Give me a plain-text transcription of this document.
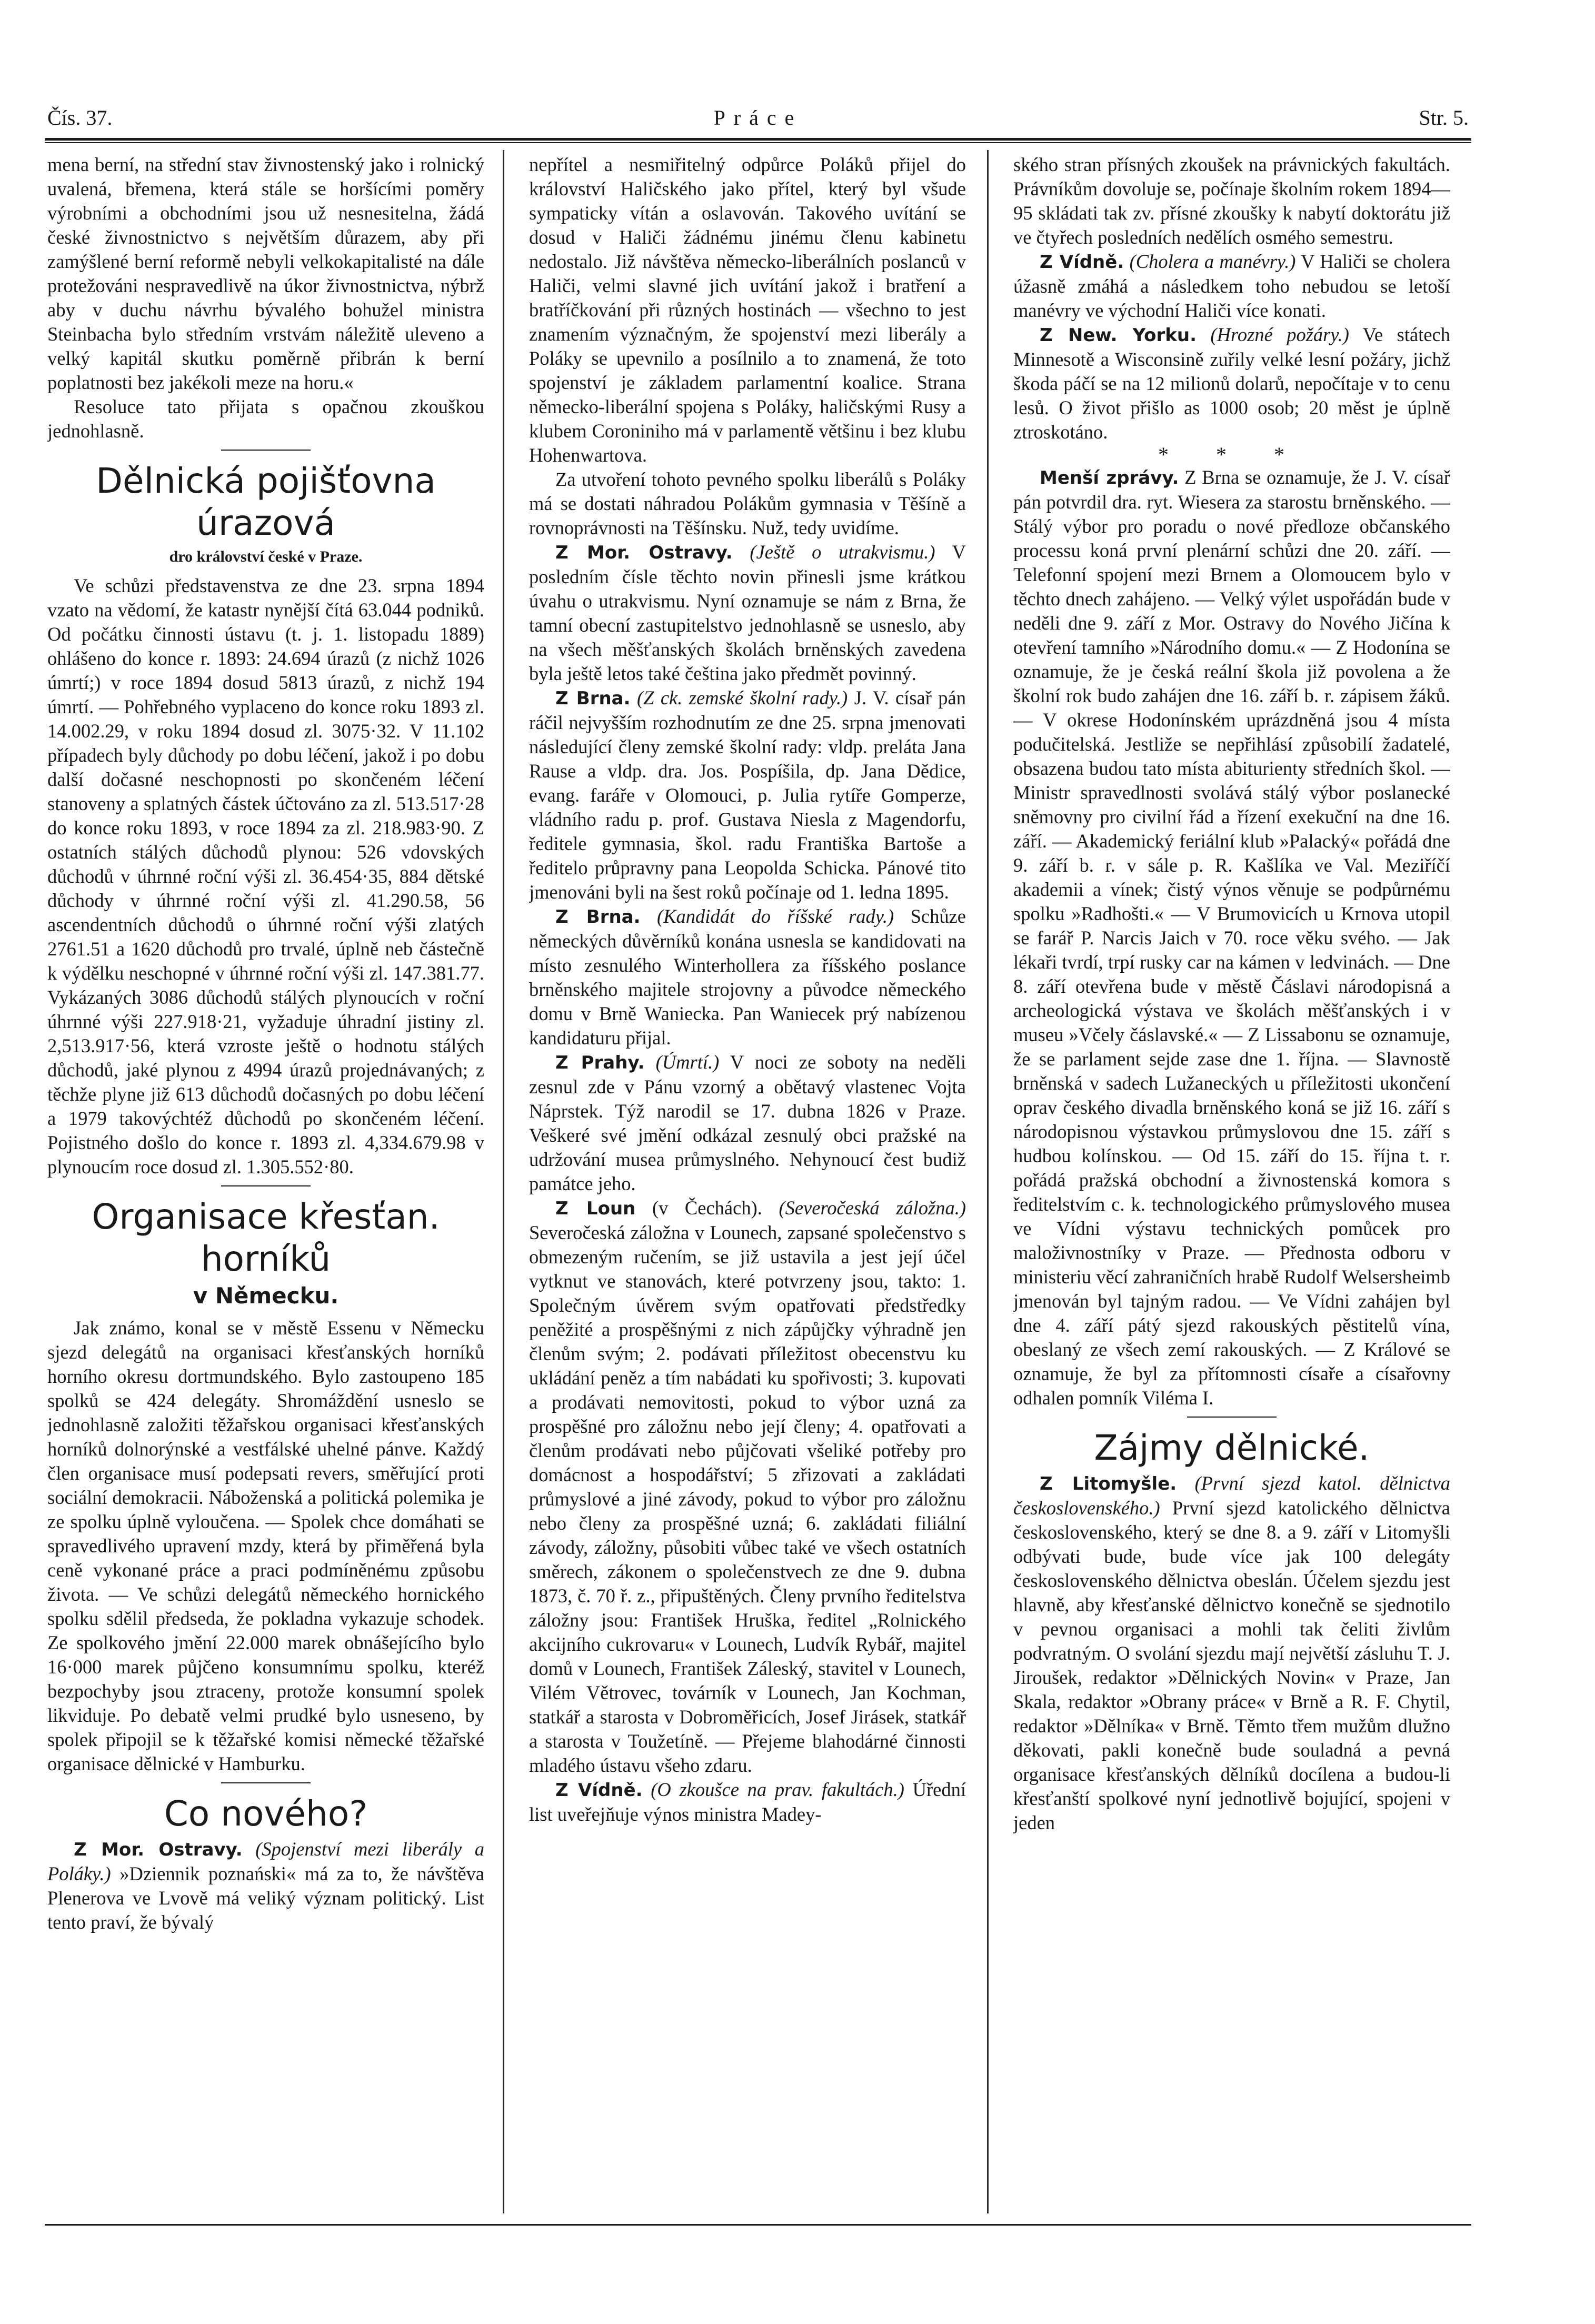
Čís. 37.	Práce	Str. 5.

mena berní, na střední stav živnostenský jako i rolnický uvalená, břemena, která stále se horšícími poměry výrobními a obchodními jsou už nesnesitelna, žádá české živnostnictvo s největším důrazem, aby při zamýšlené berní reformě nebyli velkokapitalisté na dále protežováni nespravedlivě na úkor živnostnictva, nýbrž aby v duchu návrhu bývalého bohužel ministra Steinbacha bylo středním vrstvám náležitě uleveno a velký kapitál skutku poměrně přibrán k berní poplatnosti bez jakékoli meze na horu.«

Resoluce tato přijata s opačnou zkouškou jednohlasně.

Dělnická pojišťovna úrazová
dro království české v Praze.

Ve schůzi představenstva ze dne 23. srpna 1894 vzato na vědomí, že katastr nynější čítá 63.044 podniků. Od počátku činnosti ústavu (t. j. 1. listopadu 1889) ohlášeno do konce r. 1893: 24.694 úrazů (z nichž 1026 úmrtí;) v roce 1894 dosud 5813 úrazů, z nichž 194 úmrtí. — Pohřebného vyplaceno do konce roku 1893 zl. 14.002.29, v roku 1894 dosud zl. 3075·32. V 11.102 případech byly důchody po dobu léčení, jakož i po dobu další dočasné neschopnosti po skončeném léčení stanoveny a splatných částek účtováno za zl. 513.517·28 do konce roku 1893, v roce 1894 za zl. 218.983·90. Z ostatních stálých důchodů plynou: 526 vdovských důchodů v úhrnné roční výši zl. 36.454·35, 884 dětské důchody v úhrnné roční výši zl. 41.290.58, 56 ascendentních důchodů o úhrnné roční výši zlatých 2761.51 a 1620 důchodů pro trvalé, úplně neb částečně k výdělku neschopné v úhrnné roční výši zl. 147.381.77. Vykázaných 3086 důchodů stálých plynoucích v roční úhrnné výši 227.918·21, vyžaduje úhradní jistiny zl. 2,513.917·56, která vzroste ještě o hodnotu stálých důchodů, jaké plynou z 4994 úrazů projednávaných; z těchže plyne již 613 důchodů dočasných po dobu léčení a 1979 takovýchtéž důchodů po skončeném léčení. Pojistného došlo do konce r. 1893 zl. 4,334.679.98 v plynoucím roce dosud zl. 1.305.552·80.

Organisace křesťan. horníků
v Německu.

Jak známo, konal se v městě Essenu v Německu sjezd delegátů na organisaci křesťanských horníků horního okresu dortmundského. Bylo zastoupeno 185 spolků se 424 delegáty. Shromáždění usneslo se jednohlasně založiti těžařskou organisaci křesťanských horníků dolnorýnské a vestfálské uhelné pánve. Každý člen organisace musí podepsati revers, směřující proti sociální demokracii. Náboženská a politická polemika je ze spolku úplně vyloučena. — Spolek chce domáhati se spravedlivého upravení mzdy, která by přiměřená byla ceně vykonané práce a praci podmíněnému způsobu života. — Ve schůzi delegátů německého hornického spolku sdělil předseda, že pokladna vykazuje schodek. Ze spolkového jmění 22.000 marek obnášejícího bylo 16·000 marek půjčeno konsumnímu spolku, kteréž bezpochyby jsou ztraceny, protože konsumní spolek likviduje. Po debatě velmi prudké bylo usneseno, by spolek připojil se k těžařské komisi německé těžařské organisace dělnické v Hamburku.

Co nového?

Z Mor. Ostravy. (Spojenství mezi liberály a Poláky.) »Dziennik poznański« má za to, že návštěva Plenerova ve Lvově má veliký význam politický. List tento praví, že bývalý

nepřítel a nesmiřitelný odpůrce Poláků přijel do království Haličského jako přítel, který byl všude sympaticky vítán a oslavován. Takového uvítání se dosud v Haliči žádnému jinému členu kabinetu nedostalo. Již návštěva německo-liberálních poslanců v Haliči, velmi slavné jich uvítání jakož i bratření a bratříčkování při různých hostinách — všechno to jest znamením význačným, že spojenství mezi liberály a Poláky se upevnilo a posílnilo a to znamená, že toto spojenství je základem parlamentní koalice. Strana německo-liberální spojena s Poláky, haličskými Rusy a klubem Coroniniho má v parlamentě většinu i bez klubu Hohenwartova.

Za utvoření tohoto pevného spolku liberálů s Poláky má se dostati náhradou Polákům gymnasia v Těšíně a rovnoprávnosti na Těšínsku. Nuž, tedy uvidíme.

Z Mor. Ostravy. (Ještě o utrakvismu.) V posledním čísle těchto novin přinesli jsme krátkou úvahu o utrakvismu. Nyní oznamuje se nám z Brna, že tamní obecní zastupitelstvo jednohlasně se usneslo, aby na všech měšťanských školách brněnských zavedena byla ještě letos také čeština jako předmět povinný.

Z Brna. (Z ck. zemské školní rady.) J. V. císař pán ráčil nejvyšším rozhodnutím ze dne 25. srpna jmenovati následující členy zemské školní rady: vldp. preláta Jana Rause a vldp. dra. Jos. Pospíšila, dp. Jana Dědice, evang. faráře v Olomouci, p. Julia rytíře Gomperze, vládního radu p. prof. Gustava Niesla z Magendorfu, ředitele gymnasia, škol. radu Františka Bartoše a ředitelo průpravny pana Leopolda Schicka. Pánové tito jmenováni byli na šest roků počínaje od 1. ledna 1895.

Z Brna. (Kandidát do říšské rady.) Schůze německých důvěrníků konána usnesla se kandidovati na místo zesnulého Winterhollera za říšského poslance brněnského majitele strojovny a původce německého domu v Brně Waniecka. Pan Waniecek prý nabízenou kandidaturu přijal.

Z Prahy. (Úmrtí.) V noci ze soboty na neděli zesnul zde v Pánu vzorný a obětavý vlastenec Vojta Náprstek. Týž narodil se 17. dubna 1826 v Praze. Veškeré své jmění odkázal zesnulý obci pražské na udržování musea průmyslného. Nehynoucí čest budiž památce jeho.

Z Loun (v Čechách). (Severočeská záložna.) Severočeská záložna v Lounech, zapsané společenstvo s obmezeným ručením, se již ustavila a jest její účel vytknut ve stanovách, které potvrzeny jsou, takto: 1. Společným úvěrem svým opatřovati předstředky peněžité a prospěšnými z nich zápůjčky výhradně jen členům svým; 2. podávati příležitost obecenstvu ku ukládání peněz a tím nabádati ku spořivosti; 3. kupovati a prodávati nemovitosti, pokud to výbor uzná za prospěšné pro záložnu nebo její členy; 4. opatřovati a členům prodávati nebo půjčovati všeliké potřeby pro domácnost a hospodářství; 5 zřizovati a zakládati průmyslové a jiné závody, pokud to výbor pro záložnu nebo členy za prospěšné uzná; 6. zakládati filiální závody, záložny, působiti vůbec také ve všech ostatních směrech, zákonem o společenstvech ze dne 9. dubna 1873, č. 70 ř. z., připuštěných. Členy prvního ředitelstva záložny jsou: František Hruška, ředitel „Rolnického akcijního cukrovaru« v Lounech, Ludvík Rybář, majitel domů v Lounech, František Záleský, stavitel v Lounech, Vilém Větrovec, továrník v Lounech, Jan Kochman, statkář a starosta v Dobroměřicích, Josef Jirásek, statkář a starosta v Toužetíně. — Přejeme blahodárné činnosti mladého ústavu všeho zdaru.

Z Vídně. (O zkoušce na prav. fakultách.) Úřední list uveřejňuje výnos ministra Madey-

ského stran přísných zkoušek na právnických fakultách. Právníkům dovoluje se, počínaje školním rokem 1894—95 skládati tak zv. přísné zkoušky k nabytí doktorátu již ve čtyřech posledních nedělích osmého semestru.

Z Vídně. (Cholera a manévry.) V Haliči se cholera úžasně zmáhá a následkem toho nebudou se letoší manévry ve východní Haliči více konati.

Z New. Yorku. (Hrozné požáry.) Ve státech Minnesotě a Wisconsině zuřily velké lesní požáry, jichž škoda páčí se na 12 milionů dolarů, nepočítaje v to cenu lesů. O život přišlo as 1000 osob; 20 měst je úplně ztroskotáno.

* * *

Menší zprávy. Z Brna se oznamuje, že J. V. císař pán potvrdil dra. ryt. Wiesera za starostu brněnského. — Stálý výbor pro poradu o nové předloze občanského processu koná první plenární schůzi dne 20. září. — Telefonní spojení mezi Brnem a Olomoucem bylo v těchto dnech zahájeno. — Velký výlet uspořádán bude v neděli dne 9. září z Mor. Ostravy do Nového Jičína k otevření tamního »Národního domu.« — Z Hodonína se oznamuje, že je česká reální škola již povolena a že školní rok budo zahájen dne 16. září b. r. zápisem žáků. — V okrese Hodonínském uprázdněná jsou 4 místa podučitelská. Jestliže se nepřihlásí způsobilí žadatelé, obsazena budou tato místa abiturienty středních škol. — Ministr spravedlnosti svolává stálý výbor poslanecké sněmovny pro civilní řád a řízení exekuční na dne 16. září. — Akademický feriální klub »Palacký« pořádá dne 9. září b. r. v sále p. R. Kašlíka ve Val. Meziříčí akademii a vínek; čistý výnos věnuje se podpůrnému spolku »Radhošti.« — V Brumovicích u Krnova utopil se farář P. Narcis Jaich v 70. roce věku svého. — Jak lékaři tvrdí, trpí rusky car na kámen v ledvinách. — Dne 8. září otevřena bude v městě Čáslavi národopisná a archeologická výstava ve školách měšťanských i v museu »Včely čáslavské.« — Z Lissabonu se oznamuje, že se parlament sejde zase dne 1. října. — Slavnostě brněnská v sadech Lužaneckých u příležitosti ukončení oprav českého divadla brněnského koná se již 16. září s národopisnou výstavkou průmyslovou dne 15. září s hudbou kolínskou. — Od 15. září do 15. října t. r. pořádá pražská obchodní a živnostenská komora s ředitelstvím c. k. technologického průmyslového musea ve Vídni výstavu technických pomůcek pro maloživnostníky v Praze. — Přednosta odboru v ministeriu věcí zahraničních hrabě Rudolf Welsersheimb jmenován byl tajným radou. — Ve Vídni zahájen byl dne 4. září pátý sjezd rakouských pěstitelů vína, obeslaný ze všech zemí rakouských. — Z Králové se oznamuje, že byl za přítomnosti císaře a císařovny odhalen pomník Viléma I.

Zájmy dělnické.

Z Litomyšle. (První sjezd katol. dělnictva československého.) První sjezd katolického dělnictva československého, který se dne 8. a 9. září v Litomyšli odbývati bude, bude více jak 100 delegáty československého dělnictva obeslán. Účelem sjezdu jest hlavně, aby křesťanské dělnictvo konečně se sjednotilo v pevnou organisaci a mohli tak čeliti živlům podvratným. O svolání sjezdu mají největší zásluhu T. J. Jiroušek, redaktor »Dělnických Novin« v Praze, Jan Skala, redaktor »Obrany práce« v Brně a R. F. Chytil, redaktor »Dělníka« v Brně. Těmto třem mužům dlužno děkovati, pakli konečně bude souladná a pevná organisace křesťanských dělníků docílena a budou-li křesťanští spolkové nyní jednotlivě bojující, spojeni v jeden
